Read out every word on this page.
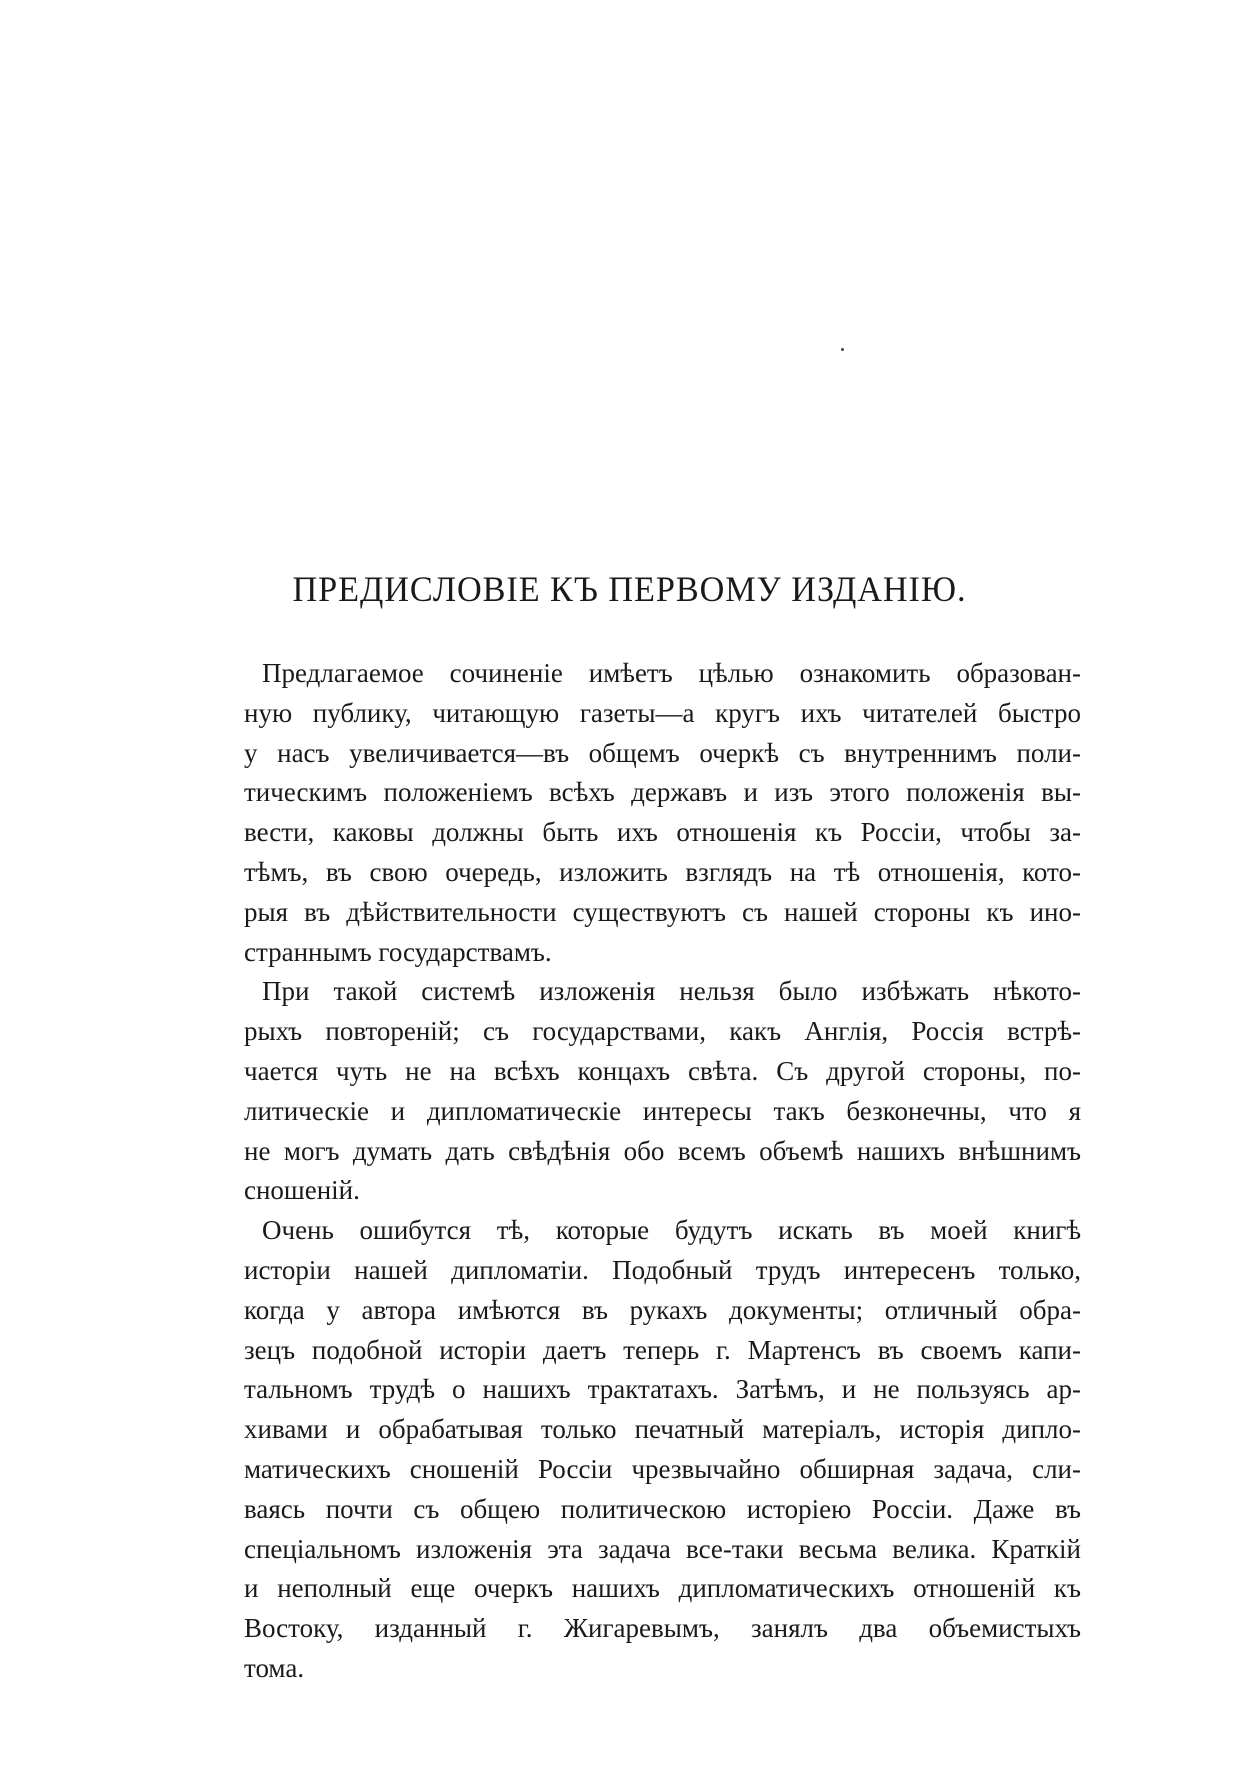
ПРЕДИСЛОВІЕ КЪ ПЕРВОМУ ИЗДАНІЮ.
Предлагаемое сочиненіе имѣетъ цѣлью ознакомить образован-
ную публику, читающую газеты—а кругъ ихъ читателей быстро
у насъ увеличивается—въ общемъ очеркѣ съ внутреннимъ поли-
тическимъ положеніемъ всѣхъ державъ и изъ этого положенія вы-
вести, каковы должны быть ихъ отношенія къ Россіи, чтобы за-
тѣмъ, въ свою очередь, изложить взглядъ на тѣ отношенія, кото-
рыя въ дѣйствительности существуютъ съ нашей стороны къ ино-
страннымъ государствамъ.
При такой системѣ изложенія нельзя было избѣжать нѣкото-
рыхъ повтореній; съ государствами, какъ Англія, Россія встрѣ-
чается чуть не на всѣхъ концахъ свѣта. Съ другой стороны, по-
литическіе и дипломатическіе интересы такъ безконечны, что я
не могъ думать дать свѣдѣнія обо всемъ объемѣ нашихъ внѣшнимъ
сношеній.
Очень ошибутся тѣ, которые будутъ искать въ моей книгѣ
исторіи нашей дипломатіи. Подобный трудъ интересенъ только,
когда у автора имѣются въ рукахъ документы; отличный обра-
зецъ подобной исторіи даетъ теперь г. Мартенсъ въ своемъ капи-
тальномъ трудѣ о нашихъ трактатахъ. Затѣмъ, и не пользуясь ар-
хивами и обрабатывая только печатный матеріалъ, исторія дипло-
матическихъ сношеній Россіи чрезвычайно обширная задача, сли-
ваясь почти съ общею политическою исторіею Россіи. Даже въ
спеціальномъ изложенія эта задача все-таки весьма велика. Краткій
и неполный еще очеркъ нашихъ дипломатическихъ отношеній къ
Востоку, изданный г. Жигаревымъ, занялъ два объемистыхъ
тома.
